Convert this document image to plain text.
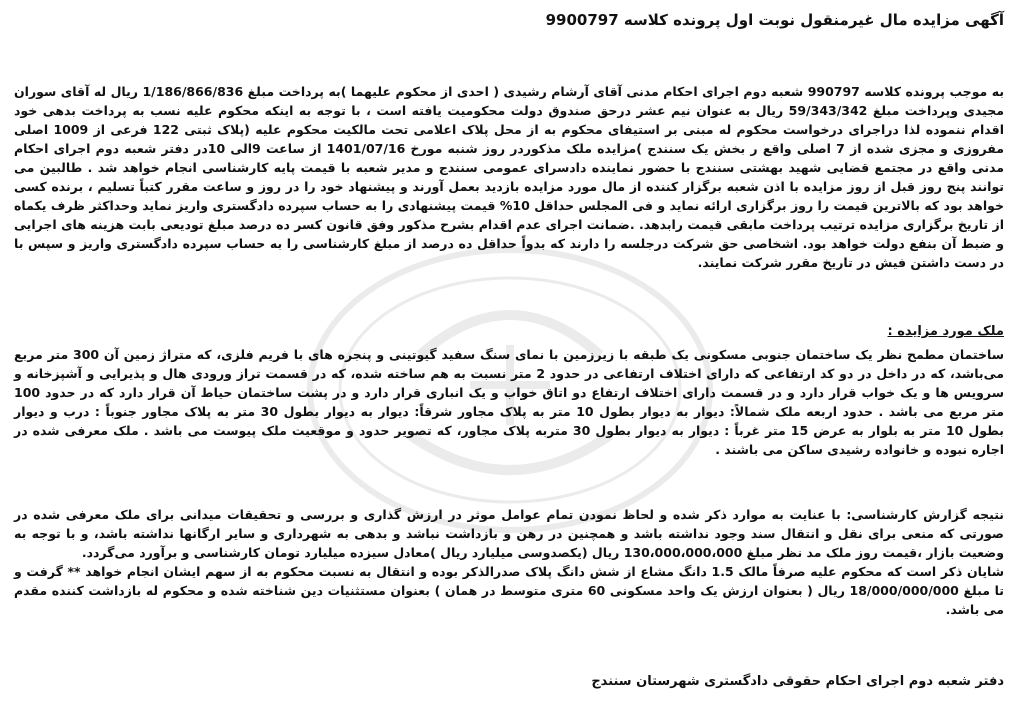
آگهی مزایده مال غیرمنقول نوبت اول پرونده کلاسه 9900797
به موجب پرونده کلاسه 990797 شعبه دوم اجرای احکام مدنی آقای آرشام رشیدی ( احدی از محکوم علیهما )به پرداخت مبلغ 1/186/866/836 ریال له آقای سوران مجیدی وپرداخت مبلغ 59/343/342 ریال به عنوان نیم عشر درحق صندوق دولت محکومیت یافته است ، با توجه به اینکه محکوم علیه نسب به پرداخت بدهی خود اقدام ننموده لذا دراجرای درخواست محکوم له مبنی بر استیفای محکوم به از محل پلاک اعلامی تحت مالکیت محکوم علیه (پلاک ثبتی 122 فرعی از 1009 اصلی مفروزی و مجزی شده از 7 اصلی واقع ر بخش یک سنندج )مزایده ملک مذکوردر روز شنبه مورخ 1401/07/16 از ساعت 9الی 10در دفتر شعبه دوم اجرای احکام مدنی واقع در مجتمع قضایی شهید بهشتی سنندج با حضور نماینده دادسرای عمومی سنندج و مدیر شعبه با قیمت پایه کارشناسی انجام خواهد شد . طالبین می توانند پنج روز قبل از روز مزایده با اذن شعبه برگزار کننده از مال مورد مزایده بازدید بعمل آورند و پیشنهاد خود را در روز و ساعت مقرر کتباً تسلیم ، برنده کسی خواهد بود که بالاترین قیمت را روز برگزاری ارائه نماید و فی المجلس حداقل 10% قیمت پیشنهادی را به حساب سپرده دادگستری واریز نماید وحداکثر ظرف یکماه از تاریخ برگزاری مزایده ترتیب پرداخت مابقی قیمت رابدهد. .ضمانت اجرای عدم اقدام بشرح مذکور وفق قانون کسر ده درصد مبلغ تودیعی بابت هزینه های اجرایی و ضبط آن بنفع دولت خواهد بود. اشخاصی حق شرکت درجلسه را دارند که بدواً حداقل ده درصد از مبلغ کارشناسی را به حساب سپرده دادگستری واریز و سپس با در دست داشتن فیش در تاریخ مقرر شرکت نمایند.
ملک مورد مزایده :
ساختمان مطمح نظر یک ساختمان جنوبی مسکونی یک طبقه با زیرزمین با نمای سنگ سفید گیوتینی و پنجره های با فریم فلزی، که متراژ زمین آن 300 متر مربع می‌باشد، که در داخل در دو کد ارتفاعی که دارای اختلاف ارتفاعی در حدود 2 متر نسبت به هم ساخته شده، که در قسمت تراز ورودی هال و پذیرایی و آشپزخانه و سرویس ها و یک خواب قرار دارد و در قسمت دارای اختلاف ارتفاع دو اتاق خواب و یک انباری قرار دارد و در پشت ساختمان حیاط آن قرار دارد که در حدود 100 متر مربع می باشد . حدود اربعه ملک شمالاً: دیوار به دیوار بطول 10 متر به پلاک مجاور شرقاً: دیوار به دیوار بطول 30 متر به پلاک مجاور جنوباً : درب و دیوار بطول 10 متر به بلوار به عرض 15 متر غرباً : دیوار به دیوار بطول 30 متربه پلاک مجاور، که تصویر حدود و موقعیت ملک پیوست می باشد . ملک معرفی شده در اجاره نبوده و خانواده رشیدی ساکن می باشند .
نتیجه گزارش کارشناسی: با عنایت به موارد ذکر شده و لحاظ نمودن تمام عوامل موثر در ارزش گذاری و بررسی و تحقیقات میدانی برای ملک معرفی شده در صورتی که منعی برای نقل و انتقال سند وجود نداشته باشد و همچنین در رهن و بازداشت نباشد و بدهی به شهرداری و سایر ارگانها نداشته باشد، و با توجه به وضعیت بازار ،قیمت روز ملک مد نظر مبلغ 130،000،000،000 ریال (یکصدوسی میلیارد ریال )معادل سیزده میلیارد تومان کارشناسی و برآورد می‌گردد.
شایان ذکر است که محکوم علیه صرفاً مالک 1.5 دانگ مشاع از شش دانگ پلاک صدرالذکر بوده و انتقال به نسبت محکوم به از سهم ایشان انجام خواهد ** گرفت و تا مبلغ 18/000/000/000 ریال ( بعنوان ارزش یک واحد مسکونی 60 متری متوسط در همان ) بعنوان مستثنیات دین شناخته شده و محکوم له بازداشت کننده مقدم می باشد.
دفتر شعبه دوم اجرای احکام حقوقی دادگستری شهرستان سنندج
